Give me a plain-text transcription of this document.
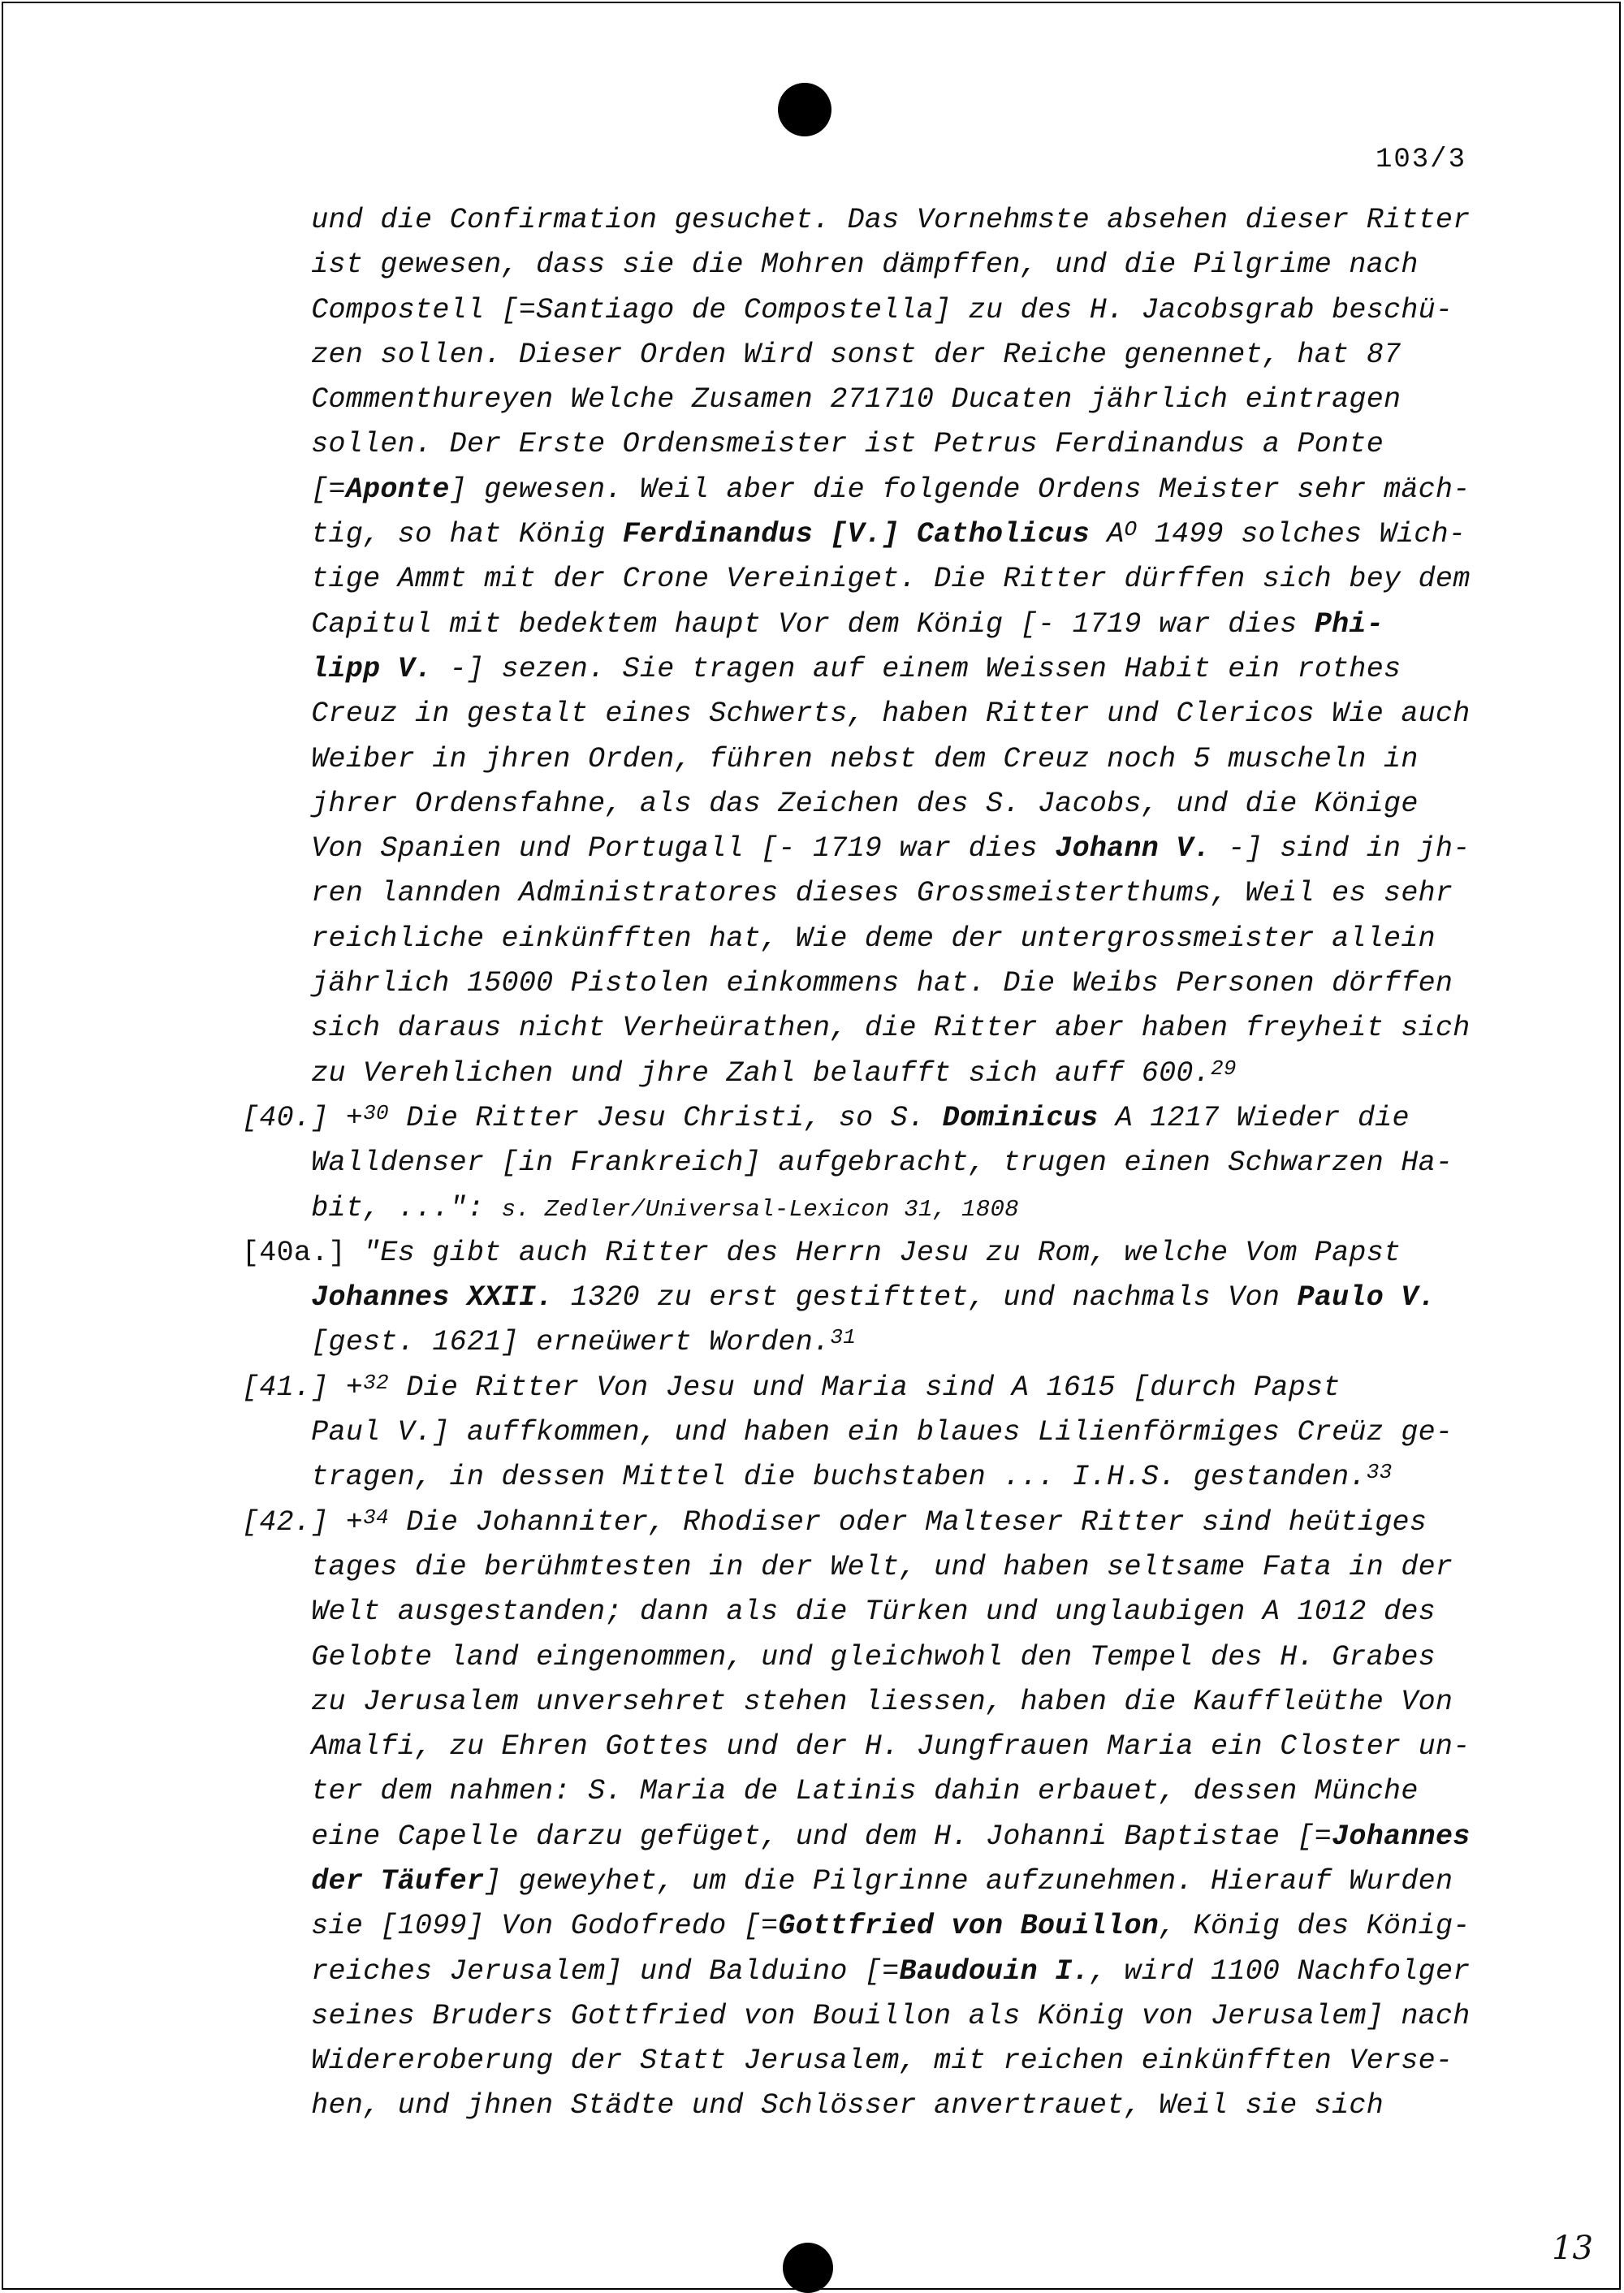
103/3
und die Confirmation gesuchet. Das Vornehmste absehen dieser Ritter
ist gewesen, dass sie die Mohren dämpffen, und die Pilgrime nach
Compostell [=Santiago de Compostella] zu des H. Jacobsgrab beschü-
zen sollen. Dieser Orden Wird sonst der Reiche genennet, hat 87
Commenthureyen Welche Zusamen 271710 Ducaten jährlich eintragen
sollen. Der Erste Ordensmeister ist Petrus Ferdinandus a Ponte
[=Aponte] gewesen. Weil aber die folgende Ordens Meister sehr mäch-
tig, so hat König Ferdinandus [V.] Catholicus $A^O$ 1499 solches Wich-
tige Ammt mit der Crone Vereiniget. Die Ritter dürffen sich bey dem
Capitul mit bedektem haupt Vor dem König [- 1719 war dies Phi-
lipp V. -] sezen. Sie tragen auf einem Weissen Habit ein rothes
Creuz in gestalt eines Schwerts, haben Ritter und Clericos Wie auch
Weiber in jhren Orden, führen nebst dem Creuz noch 5 muscheln in
jhrer Ordensfahne, als das Zeichen des S. Jacobs, und die Könige
Von Spanien und Portugall [- 1719 war dies Johann V. -] sind in jh-
ren lannden Administratores dieses Grossmeisterthums, Weil es sehr
reichliche einkünfften hat, Wie deme der untergrossmeister allein
jährlich 15000 Pistolen einkommens hat. Die Weibs Personen dörffen
sich daraus nicht Verheürathen, die Ritter aber haben freyheit sich
zu Verehlichen und jhre Zahl belaufft sich auff 600.29
[40.] +$^{30}$ Die Ritter Jesu Christi, so S. Dominicus A 1217 Wieder die
Walldenser [in Frankreich] aufgebracht, trugen einen Schwarzen Ha-
bit, ...": s. Zedler/Universal-Lexicon 31, 1808
[40a.] "Es gibt auch Ritter des Herrn Jesu zu Rom, welche Vom Papst
Johannes XXII. 1320 zu erst gestifttet, und nachmals Von Paulo V.
[gest. 1621] erneüwert Worden.$^{31}$
[41.] +$^{32}$ Die Ritter Von Jesu und Maria sind A 1615 [durch Papst
Paul V.] auffkommen, und haben ein blaues Lilienförmiges Creüz ge-
tragen, in dessen Mittel die buchstaben ... I.H.S. gestanden.$^{33}$
[42.] +$^{34}$ Die Johanniter, Rhodiser oder Malteser Ritter sind heütiges
tages die berühmtesten in der Welt, und haben seltsame Fata in der
Welt ausgestanden; dann als die Türken und unglaubigen A 1012 des
Gelobte land eingenommen, und gleichwohl den Tempel des H. Grabes
zu Jerusalem unversehret stehen liessen, haben die Kauffleüthe Von
Amalfi, zu Ehren Gottes und der H. Jungfrauen Maria ein Closter un-
ter dem nahmen: S. Maria de Latinis dahin erbauet, dessen Münche
eine Capelle darzu gefüget, und dem H. Johanni Baptistae [=Johannes
der Täufer] geweyhet, um die Pilgrinne aufzunehmen. Hierauf Wurden
sie [1099] Von Godofredo [=Gottfried von Bouillon, König des König-
reiches Jerusalem] und Balduino [=Baudouin I., wird 1100 Nachfolger
seines Bruders Gottfried von Bouillon als König von Jerusalem] nach
Widereroberung der Statt Jerusalem, mit reichen einkünfften Verse-
hen, und jhnen Städte und Schlösser anvertrauet, Weil sie sich
13
